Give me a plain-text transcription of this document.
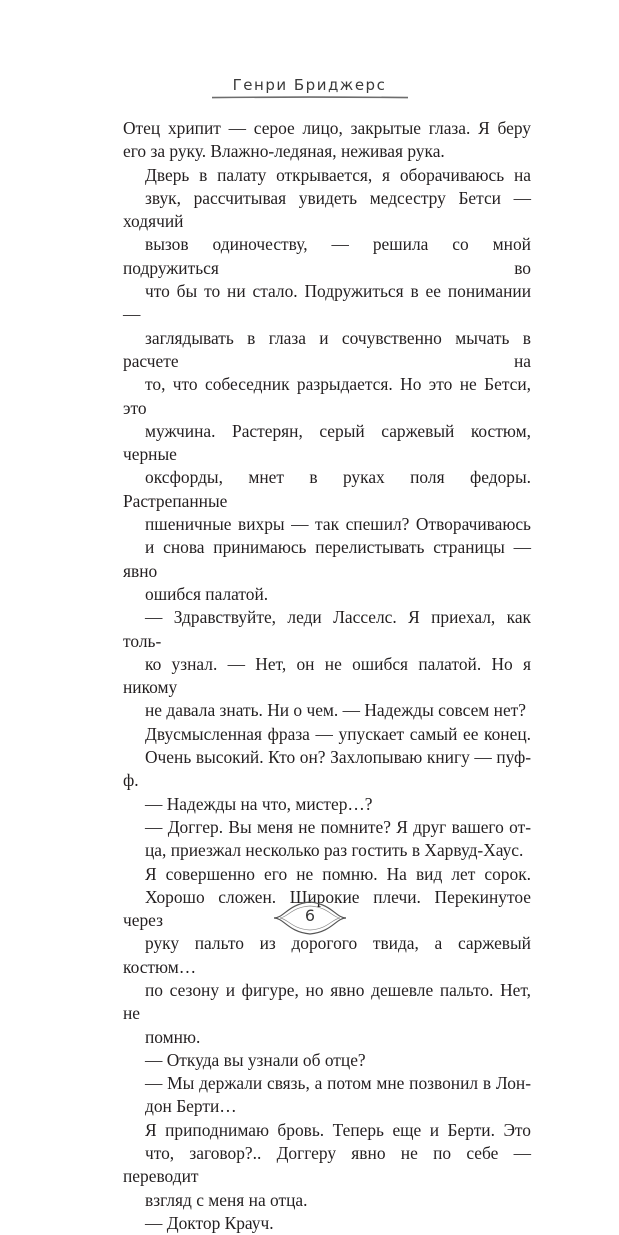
Генри Бриджерс
Отец хрипит — серое лицо, закрытые глаза. Я беру
его за руку. Влажно-ледяная, неживая рука.
Дверь в палату открывается, я оборачиваюсь на
звук, рассчитывая увидеть медсестру Бетси — ходячий
вызов одиночеству, — решила со мной подружиться во
что бы то ни стало. Подружиться в ее понимании —
заглядывать в глаза и сочувственно мычать в расчете на
то, что собеседник разрыдается. Но это не Бетси, это
мужчина. Растерян, серый саржевый костюм, черные
оксфорды, мнет в руках поля федоры. Растрепанные
пшеничные вихры — так спешил? Отворачиваюсь
и снова принимаюсь перелистывать страницы — явно
ошибся палатой.
— Здравствуйте, леди Ласселс. Я приехал, как толь-
ко узнал. — Нет, он не ошибся палатой. Но я никому
не давала знать. Ни о чем. — Надежды совсем нет?
Двусмысленная фраза — упускает самый ее конец.
Очень высокий. Кто он? Захлопываю книгу — пуф-ф.
— Надежды на что, мистер…?
— Доггер. Вы меня не помните? Я друг вашего от-
ца, приезжал несколько раз гостить в Харвуд-Хаус.
Я совершенно его не помню. На вид лет сорок.
Хорошо сложен. Широкие плечи. Перекинутое через
руку пальто из дорогого твида, а саржевый костюм…
по сезону и фигуре, но явно дешевле пальто. Нет, не
помню.
— Откуда вы узнали об отце?
— Мы держали связь, а потом мне позвонил в Лон-
дон Берти…
Я приподнимаю бровь. Теперь еще и Берти. Это
что, заговор?.. Доггеру явно не по себе — переводит
взгляд с меня на отца.
— Доктор Крауч.
6
